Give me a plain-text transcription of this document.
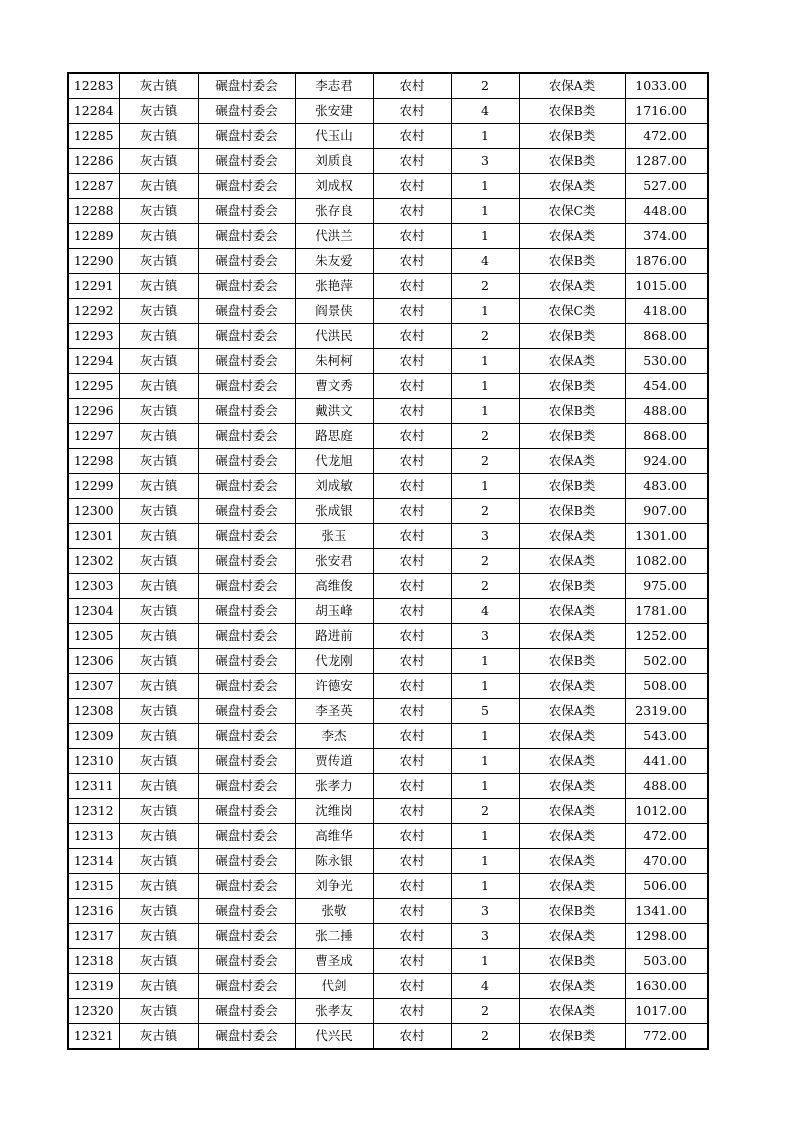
12283	灰古镇	碾盘村委会	李志君	农村	2	农保A类	1033.00
12284	灰古镇	碾盘村委会	张安建	农村	4	农保B类	1716.00
12285	灰古镇	碾盘村委会	代玉山	农村	1	农保B类	472.00
12286	灰古镇	碾盘村委会	刘质良	农村	3	农保B类	1287.00
12287	灰古镇	碾盘村委会	刘成权	农村	1	农保A类	527.00
12288	灰古镇	碾盘村委会	张存良	农村	1	农保C类	448.00
12289	灰古镇	碾盘村委会	代洪兰	农村	1	农保A类	374.00
12290	灰古镇	碾盘村委会	朱友爱	农村	4	农保B类	1876.00
12291	灰古镇	碾盘村委会	张艳萍	农村	2	农保A类	1015.00
12292	灰古镇	碾盘村委会	阎景侠	农村	1	农保C类	418.00
12293	灰古镇	碾盘村委会	代洪民	农村	2	农保B类	868.00
12294	灰古镇	碾盘村委会	朱柯柯	农村	1	农保A类	530.00
12295	灰古镇	碾盘村委会	曹文秀	农村	1	农保B类	454.00
12296	灰古镇	碾盘村委会	戴洪文	农村	1	农保B类	488.00
12297	灰古镇	碾盘村委会	路思庭	农村	2	农保B类	868.00
12298	灰古镇	碾盘村委会	代龙旭	农村	2	农保A类	924.00
12299	灰古镇	碾盘村委会	刘成敏	农村	1	农保B类	483.00
12300	灰古镇	碾盘村委会	张成银	农村	2	农保B类	907.00
12301	灰古镇	碾盘村委会	张玉	农村	3	农保A类	1301.00
12302	灰古镇	碾盘村委会	张安君	农村	2	农保A类	1082.00
12303	灰古镇	碾盘村委会	高维俊	农村	2	农保B类	975.00
12304	灰古镇	碾盘村委会	胡玉峰	农村	4	农保A类	1781.00
12305	灰古镇	碾盘村委会	路进前	农村	3	农保A类	1252.00
12306	灰古镇	碾盘村委会	代龙刚	农村	1	农保B类	502.00
12307	灰古镇	碾盘村委会	许德安	农村	1	农保A类	508.00
12308	灰古镇	碾盘村委会	李圣英	农村	5	农保A类	2319.00
12309	灰古镇	碾盘村委会	李杰	农村	1	农保A类	543.00
12310	灰古镇	碾盘村委会	贾传道	农村	1	农保A类	441.00
12311	灰古镇	碾盘村委会	张孝力	农村	1	农保A类	488.00
12312	灰古镇	碾盘村委会	沈维岗	农村	2	农保A类	1012.00
12313	灰古镇	碾盘村委会	高维华	农村	1	农保A类	472.00
12314	灰古镇	碾盘村委会	陈永银	农村	1	农保A类	470.00
12315	灰古镇	碾盘村委会	刘争光	农村	1	农保A类	506.00
12316	灰古镇	碾盘村委会	张敬	农村	3	农保B类	1341.00
12317	灰古镇	碾盘村委会	张二捶	农村	3	农保A类	1298.00
12318	灰古镇	碾盘村委会	曹圣成	农村	1	农保B类	503.00
12319	灰古镇	碾盘村委会	代剑	农村	4	农保A类	1630.00
12320	灰古镇	碾盘村委会	张孝友	农村	2	农保A类	1017.00
12321	灰古镇	碾盘村委会	代兴民	农村	2	农保B类	772.00
